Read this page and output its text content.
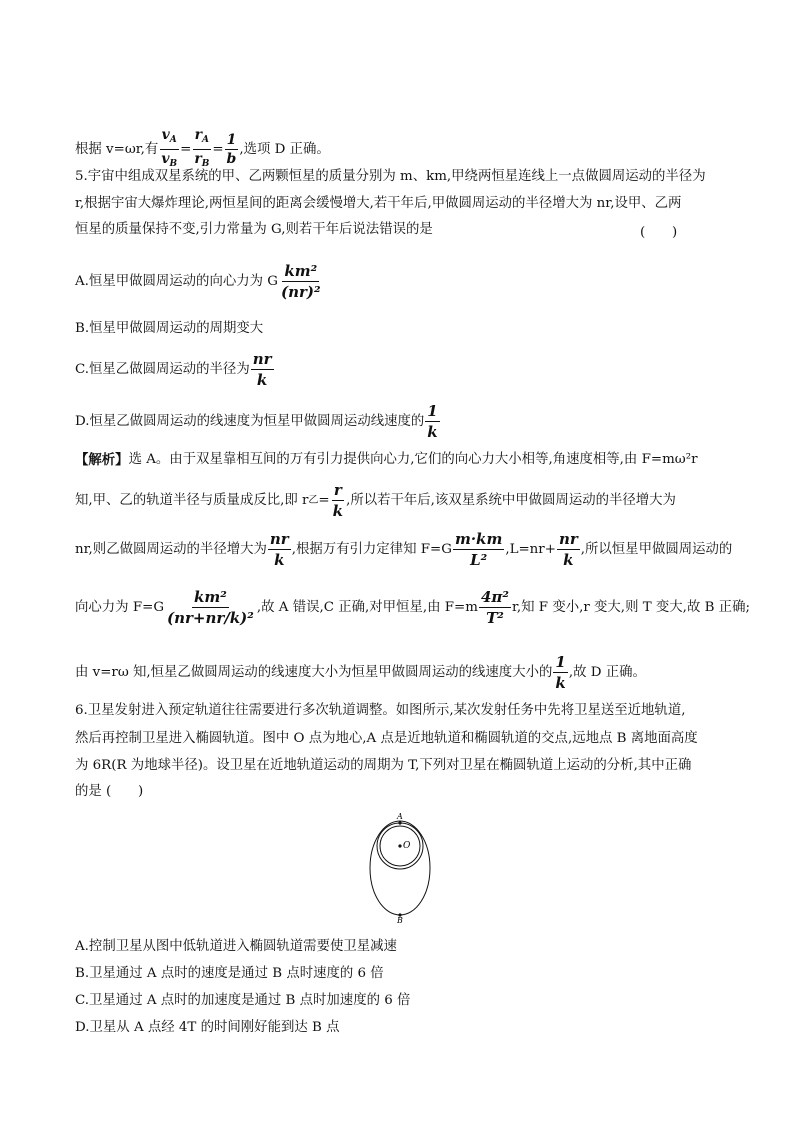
根据 v=ωr,有 $\frac{v_A}{v_B} = \frac{r_A}{r_B} = \frac{1}{b}$ ,选项 D 正确。
5.宇宙中组成双星系统的甲、乙两颗恒星的质量分别为 m、km,甲绕两恒星连线上一点做圆周运动的半径为
r,根据宇宙大爆炸理论,两恒星间的距离会缓慢增大,若干年后,甲做圆周运动的半径增大为 nr,设甲、乙两
恒星的质量保持不变,引力常量为 G,则若干年后说法错误的是	(　　)
A.恒星甲做圆周运动的向心力为 G $\frac{\text{km²}}{\text{(nr)²}}$
B.恒星甲做圆周运动的周期变大
C.恒星乙做圆周运动的半径为 $\frac{nr}{k}$
D.恒星乙做圆周运动的线速度为恒星甲做圆周运动线速度的 $\frac{1}{k}$
【解析】 选 A。由于双星靠相互间的万有引力提供向心力,它们的向心力大小相等,角速度相等,由 F=mω²r
知,甲、乙的轨道半径与质量成反比,即 r 乙 = $\frac{r}{k}$ ,所以若干年后,该双星系统中甲做圆周运动的半径增大为
nr,则乙做圆周运动的半径增大为 $\frac{nr}{k}$ ,根据万有引力定律知 $F=G \frac{m\cdot km}{\text{L²}} ,L=nr+ \frac{nr}{k}$ ,所以恒星甲做圆周运动的
向心力为 $F=G \frac{\text{km²}}{\text{(nr+nr/k)²}}$ ,故 A 错误,C 正确,对甲恒星,由 $F=m \frac{\text{4π²}}{\text{T²}} r$,知 F 变小,r 变大,则 T 变大,故 B 正确;
由 v=rω 知,恒星乙做圆周运动的线速度大小为恒星甲做圆周运动的线速度大小的 $\frac{1}{k}$ ,故 D 正确。
6.卫星发射进入预定轨道往往需要进行多次轨道调整。如图所示,某次发射任务中先将卫星送至近地轨道,
然后再控制卫星进入椭圆轨道。图中 O 点为地心,A 点是近地轨道和椭圆轨道的交点,远地点 B 离地面高度
为 6R(R 为地球半径)。设卫星在近地轨道运动的周期为 T,下列对卫星在椭圆轨道上运动的分析,其中正确
的是 (　　)
A
O
B
A.控制卫星从图中低轨道进入椭圆轨道需要使卫星减速
B.卫星通过 A 点时的速度是通过 B 点时速度的 6 倍
C.卫星通过 A 点时的加速度是通过 B 点时加速度的 6 倍
D.卫星从 A 点经 4T 的时间刚好能到达 B 点
